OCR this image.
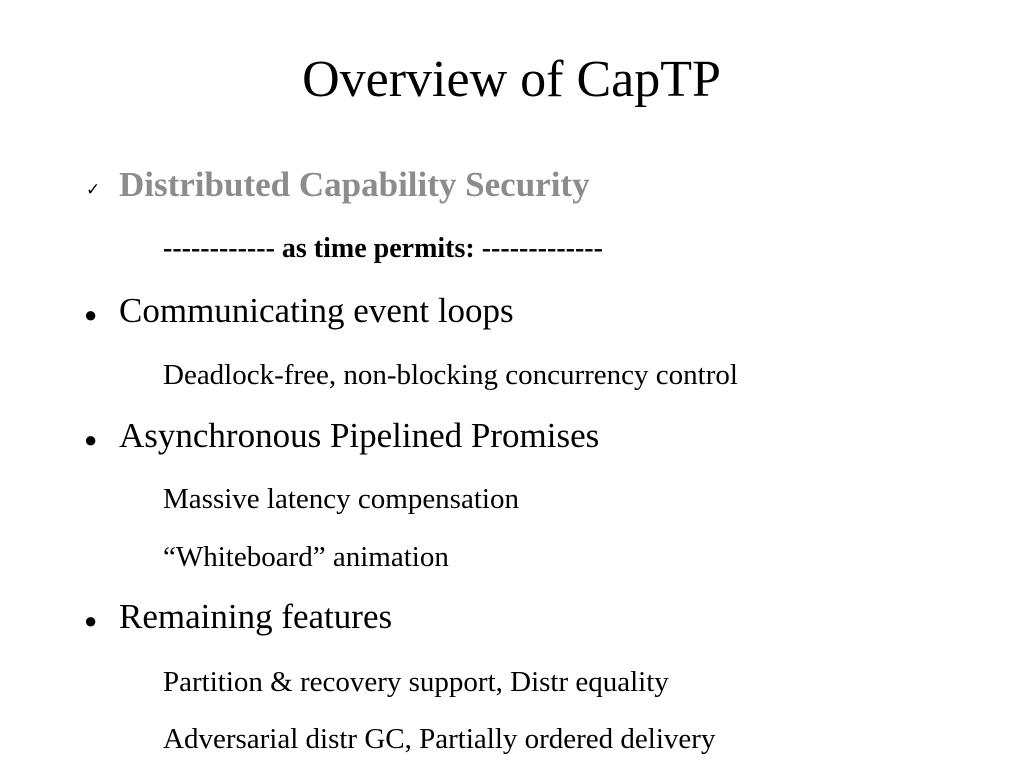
Overview of CapTP
✓ Distributed Capability Security
------------ as time permits: -------------
● Communicating event loops
Deadlock-free, non-blocking concurrency control
● Asynchronous Pipelined Promises
Massive latency compensation
“Whiteboard” animation
● Remaining features
Partition & recovery support, Distr equality
Adversarial distr GC, Partially ordered delivery
